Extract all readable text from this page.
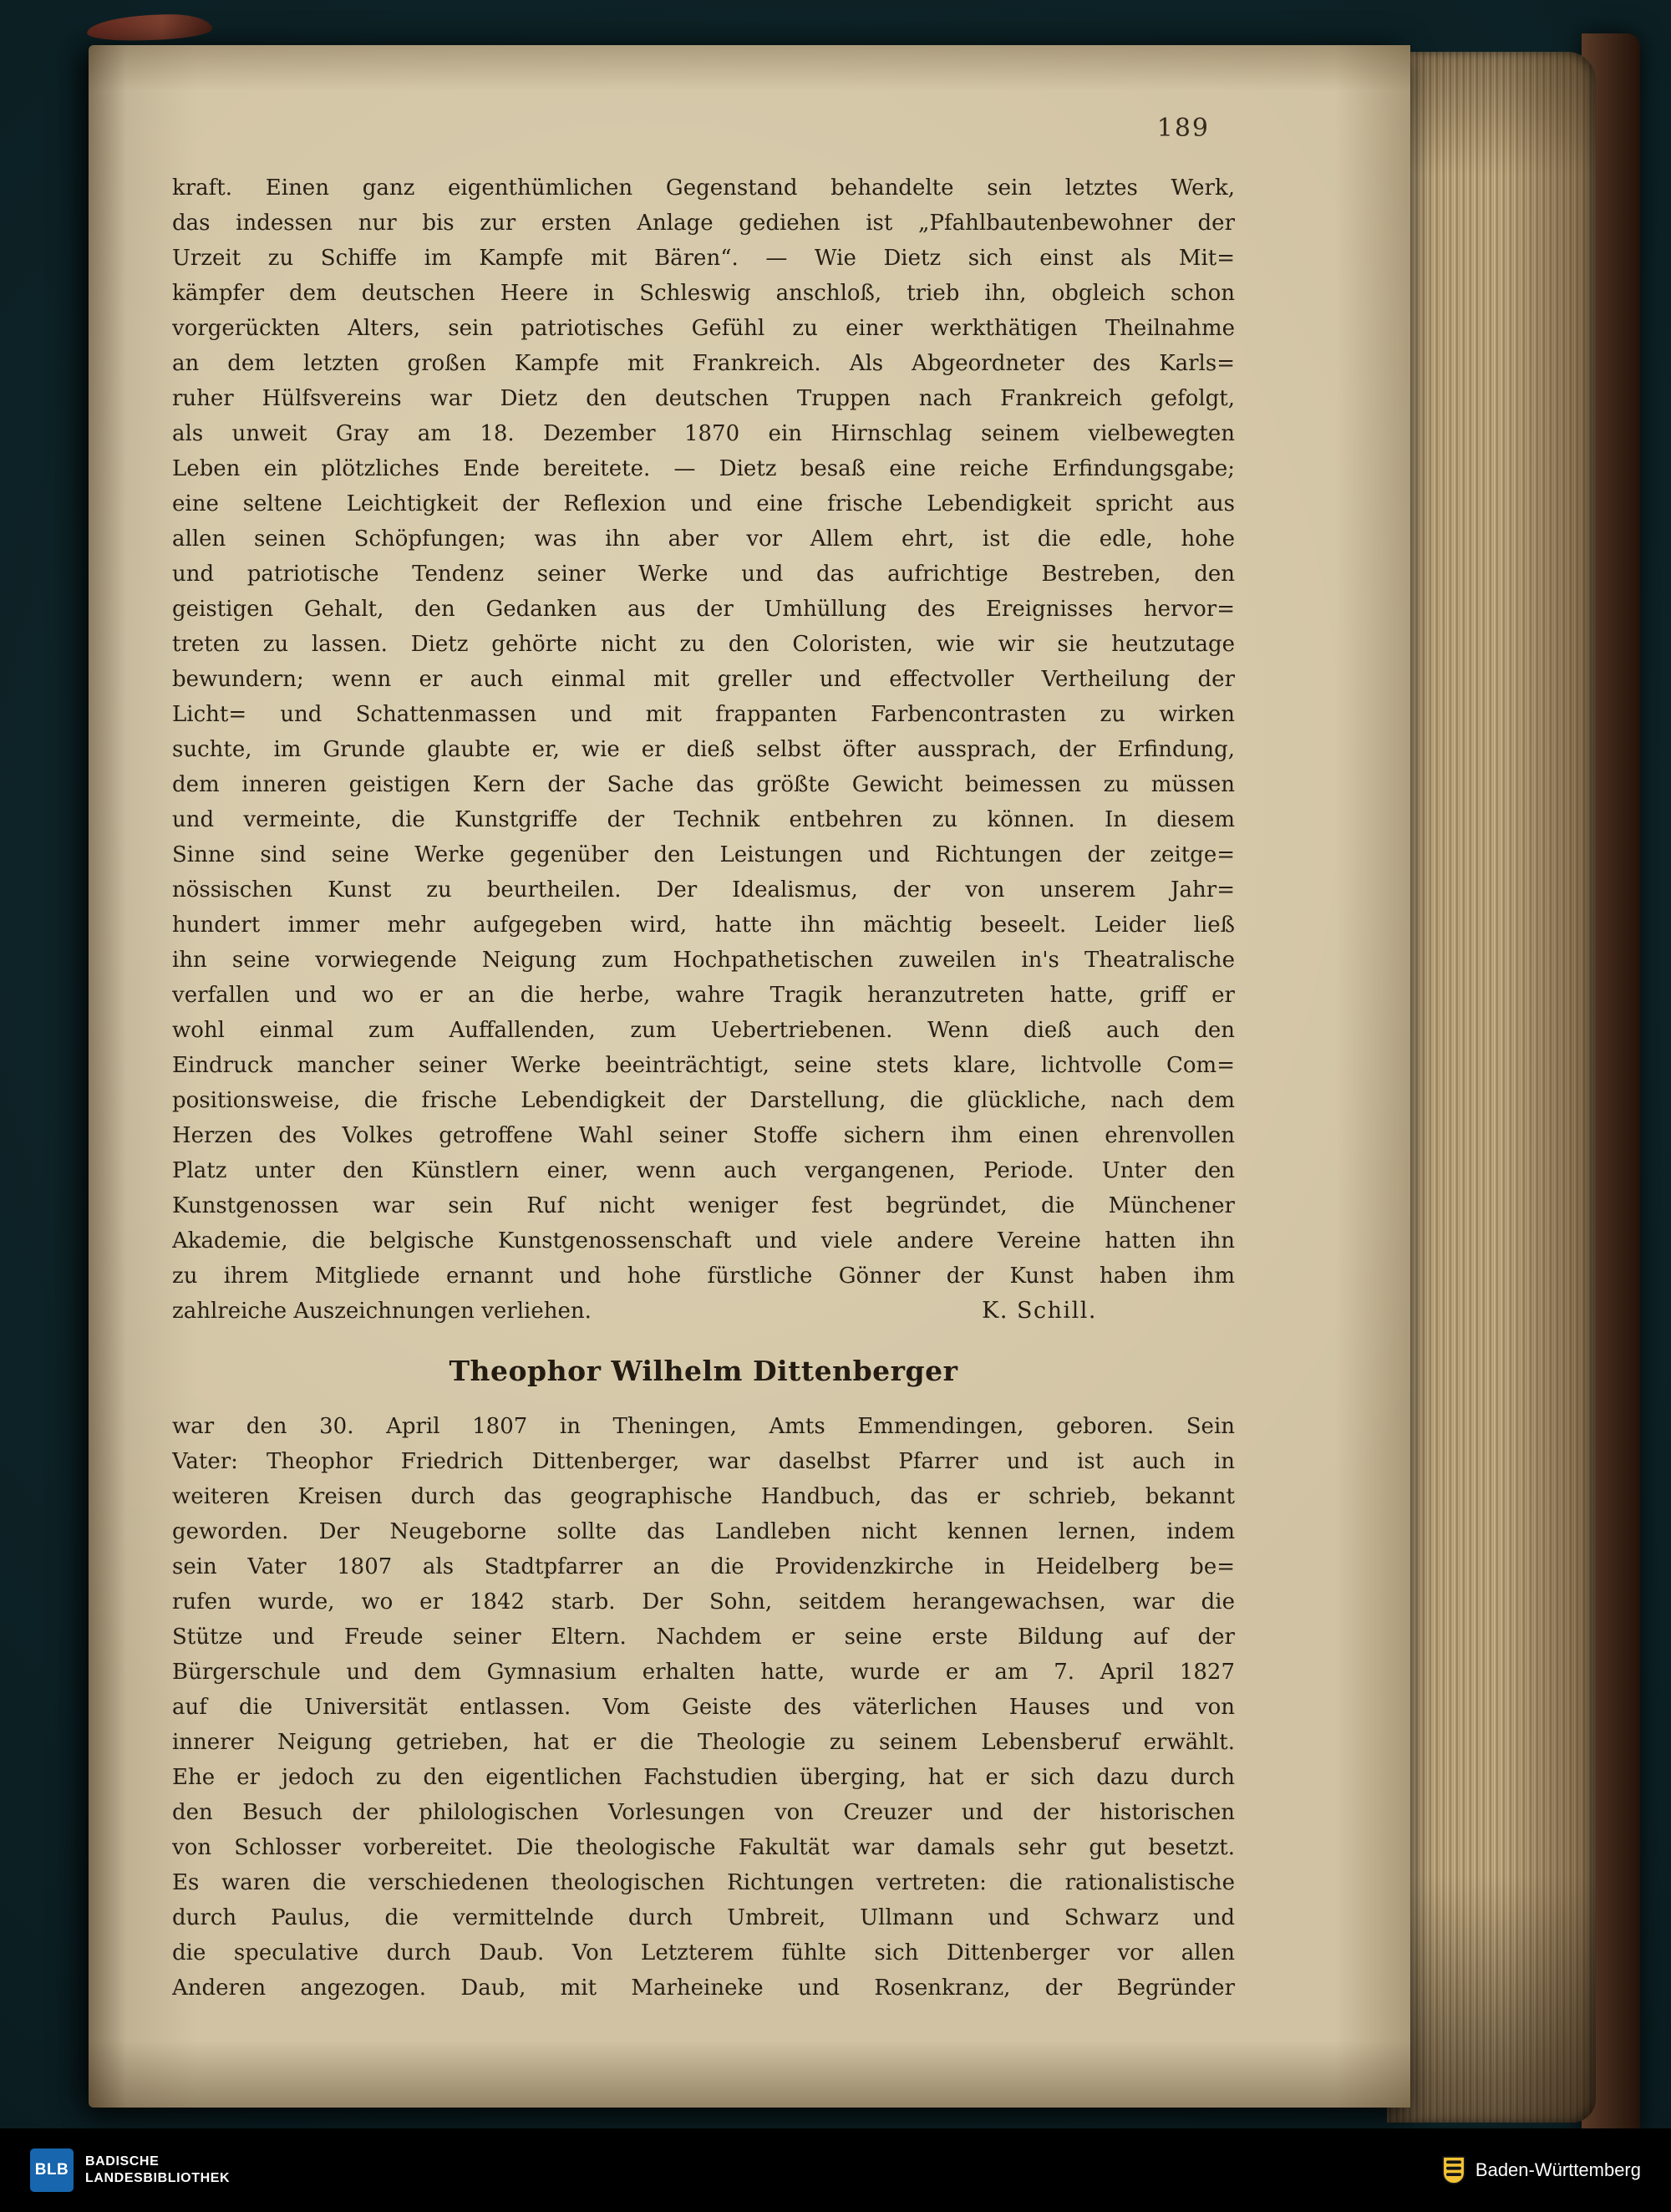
189
kraft. Einen ganz eigenthümlichen Gegenstand behandelte sein letztes Werk,
das indessen nur bis zur ersten Anlage gediehen ist „Pfahlbautenbewohner der
Urzeit zu Schiffe im Kampfe mit Bären“. — Wie Dietz sich einst als Mit=
kämpfer dem deutschen Heere in Schleswig anschloß, trieb ihn, obgleich schon
vorgerückten Alters, sein patriotisches Gefühl zu einer werkthätigen Theilnahme
an dem letzten großen Kampfe mit Frankreich. Als Abgeordneter des Karls=
ruher Hülfsvereins war Dietz den deutschen Truppen nach Frankreich gefolgt,
als unweit Gray am 18. Dezember 1870 ein Hirnschlag seinem vielbewegten
Leben ein plötzliches Ende bereitete. — Dietz besaß eine reiche Erfindungsgabe;
eine seltene Leichtigkeit der Reflexion und eine frische Lebendigkeit spricht aus
allen seinen Schöpfungen; was ihn aber vor Allem ehrt, ist die edle, hohe
und patriotische Tendenz seiner Werke und das aufrichtige Bestreben, den
geistigen Gehalt, den Gedanken aus der Umhüllung des Ereignisses hervor=
treten zu lassen. Dietz gehörte nicht zu den Coloristen, wie wir sie heutzutage
bewundern; wenn er auch einmal mit greller und effectvoller Vertheilung der
Licht= und Schattenmassen und mit frappanten Farbencontrasten zu wirken
suchte, im Grunde glaubte er, wie er dieß selbst öfter aussprach, der Erfindung,
dem inneren geistigen Kern der Sache das größte Gewicht beimessen zu müssen
und vermeinte, die Kunstgriffe der Technik entbehren zu können. In diesem
Sinne sind seine Werke gegenüber den Leistungen und Richtungen der zeitge=
nössischen Kunst zu beurtheilen. Der Idealismus, der von unserem Jahr=
hundert immer mehr aufgegeben wird, hatte ihn mächtig beseelt. Leider ließ
ihn seine vorwiegende Neigung zum Hochpathetischen zuweilen in's Theatralische
verfallen und wo er an die herbe, wahre Tragik heranzutreten hatte, griff er
wohl einmal zum Auffallenden, zum Uebertriebenen. Wenn dieß auch den
Eindruck mancher seiner Werke beeinträchtigt, seine stets klare, lichtvolle Com=
positionsweise, die frische Lebendigkeit der Darstellung, die glückliche, nach dem
Herzen des Volkes getroffene Wahl seiner Stoffe sichern ihm einen ehrenvollen
Platz unter den Künstlern einer, wenn auch vergangenen, Periode. Unter den
Kunstgenossen war sein Ruf nicht weniger fest begründet, die Münchener
Akademie, die belgische Kunstgenossenschaft und viele andere Vereine hatten ihn
zu ihrem Mitgliede ernannt und hohe fürstliche Gönner der Kunst haben ihm
zahlreiche Auszeichnungen verliehen.	K. Schill.
Theophor Wilhelm Dittenberger
war den 30. April 1807 in Theningen, Amts Emmendingen, geboren. Sein
Vater: Theophor Friedrich Dittenberger, war daselbst Pfarrer und ist auch in
weiteren Kreisen durch das geographische Handbuch, das er schrieb, bekannt
geworden. Der Neugeborne sollte das Landleben nicht kennen lernen, indem
sein Vater 1807 als Stadtpfarrer an die Providenzkirche in Heidelberg be=
rufen wurde, wo er 1842 starb. Der Sohn, seitdem herangewachsen, war die
Stütze und Freude seiner Eltern. Nachdem er seine erste Bildung auf der
Bürgerschule und dem Gymnasium erhalten hatte, wurde er am 7. April 1827
auf die Universität entlassen. Vom Geiste des väterlichen Hauses und von
innerer Neigung getrieben, hat er die Theologie zu seinem Lebensberuf erwählt.
Ehe er jedoch zu den eigentlichen Fachstudien überging, hat er sich dazu durch
den Besuch der philologischen Vorlesungen von Creuzer und der historischen
von Schlosser vorbereitet. Die theologische Fakultät war damals sehr gut besetzt.
Es waren die verschiedenen theologischen Richtungen vertreten: die rationalistische
durch Paulus, die vermittelnde durch Umbreit, Ullmann und Schwarz und
die speculative durch Daub. Von Letzterem fühlte sich Dittenberger vor allen
Anderen angezogen. Daub, mit Marheineke und Rosenkranz, der Begründer
BLB	BADISCHE
LANDESBIBLIOTHEK	Baden-Württemberg
